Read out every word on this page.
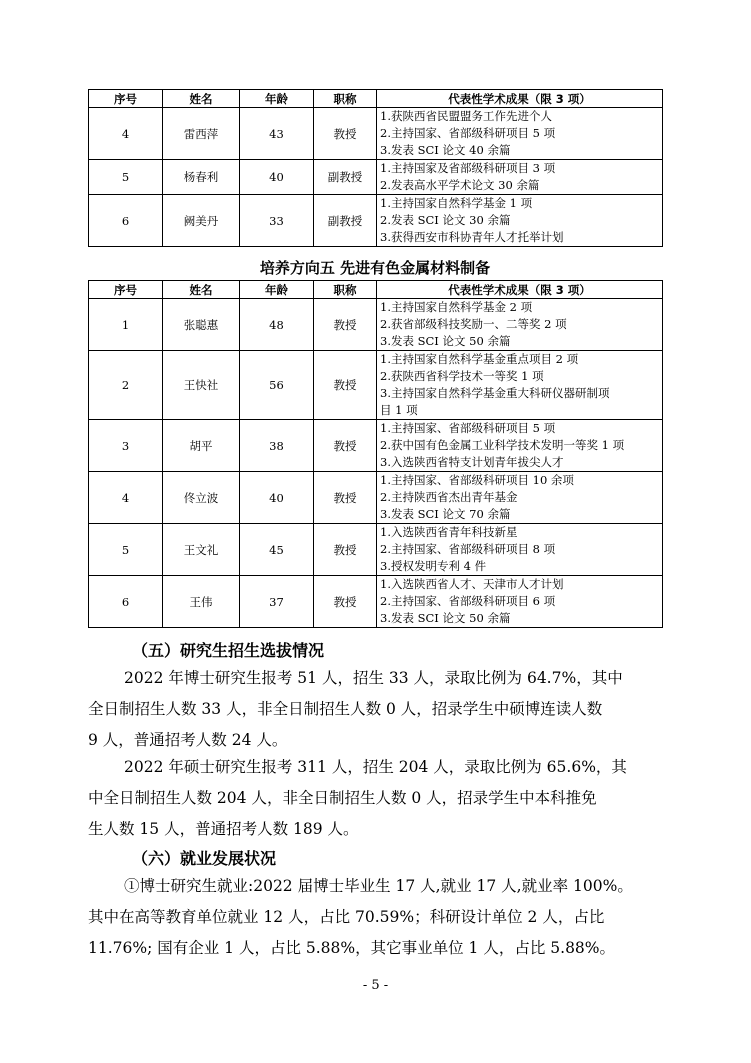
序号	姓名	年龄	职称	代表性学术成果（限 3 项）
4	雷西萍	43	教授	1.获陕西省民盟盟务工作先进个人
2.主持国家、省部级科研项目 5 项
3.发表 SCI 论文 40 余篇

5	杨春利	40	副教授	1.主持国家及省部级科研项目 3 项
2.发表高水平学术论文 30 余篇

6	阙美丹	33	副教授	1.主持国家自然科学基金 1 项
2.发表 SCI 论文 30 余篇
3.获得西安市科协青年人才托举计划
培养方向五 先进有色金属材料制备
序号	姓名	年龄	职称	代表性学术成果（限 3 项）
1	张聪惠	48	教授	1.主持国家自然科学基金 2 项
2.获省部级科技奖励一、二等奖 2 项
3.发表 SCI 论文 50 余篇

2	王快社	56	教授	1.主持国家自然科学基金重点项目 2 项
2.获陕西省科学技术一等奖 1 项
3.主持国家自然科学基金重大科研仪器研制项
目 1 项

3	胡平	38	教授	1.主持国家、省部级科研项目 5 项
2.获中国有色金属工业科学技术发明一等奖 1 项
3.入选陕西省特支计划青年拔尖人才

4	佟立波	40	教授	1.主持国家、省部级科研项目 10 余项
2.主持陕西省杰出青年基金
3.发表 SCI 论文 70 余篇

5	王文礼	45	教授	1.入选陕西省青年科技新星
2.主持国家、省部级科研项目 8 项
3.授权发明专利 4 件

6	王伟	37	教授	1.入选陕西省人才、天津市人才计划
2.主持国家、省部级科研项目 6 项
3.发表 SCI 论文 50 余篇
（五）研究生招生选拔情况
2022 年博士研究生报考 51 人，招生 33 人，录取比例为 64.7%，其中
全日制招生人数 33 人，非全日制招生人数 0 人，招录学生中硕博连读人数
9 人，普通招考人数 24 人。
2022 年硕士研究生报考 311 人，招生 204 人，录取比例为 65.6%，其
中全日制招生人数 204 人，非全日制招生人数 0 人，招录学生中本科推免
生人数 15 人，普通招考人数 189 人。
（六）就业发展状况
①博士研究生就业:2022 届博士毕业生 17 人,就业 17 人,就业率 100%。
其中在高等教育单位就业 12 人，占比 70.59%；科研设计单位 2 人，占比
11.76%; 国有企业 1 人，占比 5.88%，其它事业单位 1 人，占比 5.88%。
- 5 -
